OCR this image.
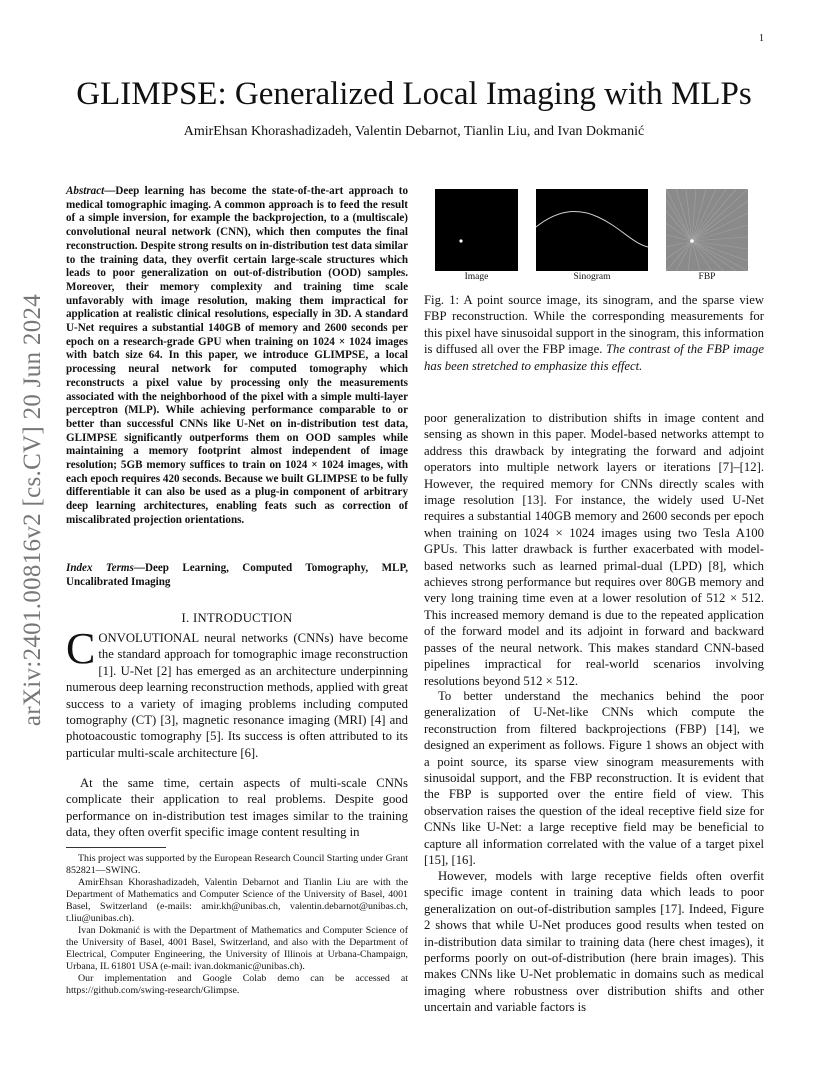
1
arXiv:2401.00816v2 [cs.CV] 20 Jun 2024
GLIMPSE: Generalized Local Imaging with MLPs
AmirEhsan Khorashadizadeh, Valentin Debarnot, Tianlin Liu, and Ivan Dokmanić
Abstract—Deep learning has become the state-of-the-art approach to medical tomographic imaging. A common approach is to feed the result of a simple inversion, for example the backprojection, to a (multiscale) convolutional neural network (CNN), which then computes the final reconstruction. Despite strong results on in-distribution test data similar to the training data, they overfit certain large-scale structures which leads to poor generalization on out-of-distribution (OOD) samples. Moreover, their memory complexity and training time scale unfavorably with image resolution, making them impractical for application at realistic clinical resolutions, especially in 3D. A standard U-Net requires a substantial 140GB of memory and 2600 seconds per epoch on a research-grade GPU when training on 1024 × 1024 images with batch size 64. In this paper, we introduce GLIMPSE, a local processing neural network for computed tomography which reconstructs a pixel value by processing only the measurements associated with the neighborhood of the pixel with a simple multi-layer perceptron (MLP). While achieving performance comparable to or better than successful CNNs like U-Net on in-distribution test data, GLIMPSE significantly outperforms them on OOD samples while maintaining a memory footprint almost independent of image resolution; 5GB memory suffices to train on 1024 × 1024 images, with each epoch requires 420 seconds. Because we built GLIMPSE to be fully differentiable it can also be used as a plug-in component of arbitrary deep learning architectures, enabling feats such as correction of miscalibrated projection orientations.
Index Terms—Deep Learning, Computed Tomography, MLP, Uncalibrated Imaging
I. INTRODUCTION
CONVOLUTIONAL neural networks (CNNs) have become the standard approach for tomographic image reconstruction [1]. U-Net [2] has emerged as an architecture underpinning numerous deep learning reconstruction methods, applied with great success to a variety of imaging problems including computed tomography (CT) [3], magnetic resonance imaging (MRI) [4] and photoacoustic tomography [5]. Its success is often attributed to its particular multi-scale architecture [6].
At the same time, certain aspects of multi-scale CNNs complicate their application to real problems. Despite good performance on in-distribution test images similar to the training data, they often overfit specific image content resulting in

This project was supported by the European Research Council Starting under Grant 852821—SWING.

AmirEhsan Khorashadizadeh, Valentin Debarnot and Tianlin Liu are with the Department of Mathematics and Computer Science of the University of Basel, 4001 Basel, Switzerland (e-mails: amir.kh@unibas.ch, valentin.debarnot@unibas.ch, t.liu@unibas.ch).

Ivan Dokmanić is with the Department of Mathematics and Computer Science of the University of Basel, 4001 Basel, Switzerland, and also with the Department of Electrical, Computer Engineering, the University of Illinois at Urbana-Champaign, Urbana, IL 61801 USA (e-mail: ivan.dokmanic@unibas.ch).

Our implementation and Google Colab demo can be accessed at https://github.com/swing-research/Glimpse.

Image	Sinogram	FBP
Fig. 1: A point source image, its sinogram, and the sparse view FBP reconstruction. While the corresponding measurements for this pixel have sinusoidal support in the sinogram, this information is diffused all over the FBP image. The contrast of the FBP image has been stretched to emphasize this effect.
poor generalization to distribution shifts in image content and sensing as shown in this paper. Model-based networks attempt to address this drawback by integrating the forward and adjoint operators into multiple network layers or iterations [7]–[12]. However, the required memory for CNNs directly scales with image resolution [13]. For instance, the widely used U-Net requires a substantial 140GB memory and 2600 seconds per epoch when training on 1024 × 1024 images using two Tesla A100 GPUs. This latter drawback is further exacerbated with model-based networks such as learned primal-dual (LPD) [8], which achieves strong performance but requires over 80GB memory and very long training time even at a lower resolution of 512 × 512. This increased memory demand is due to the repeated application of the forward model and its adjoint in forward and backward passes of the neural network. This makes standard CNN-based pipelines impractical for real-world scenarios involving resolutions beyond 512 × 512.
To better understand the mechanics behind the poor generalization of U-Net-like CNNs which compute the reconstruction from filtered backprojections (FBP) [14], we designed an experiment as follows. Figure 1 shows an object with a point source, its sparse view sinogram measurements with sinusoidal support, and the FBP reconstruction. It is evident that the FBP is supported over the entire field of view. This observation raises the question of the ideal receptive field size for CNNs like U-Net: a large receptive field may be beneficial to capture all information correlated with the value of a target pixel [15], [16].
However, models with large receptive fields often overfit specific image content in training data which leads to poor generalization on out-of-distribution samples [17]. Indeed, Figure 2 shows that while U-Net produces good results when tested on in-distribution data similar to training data (here chest images), it performs poorly on out-of-distribution (here brain images). This makes CNNs like U-Net problematic in domains such as medical imaging where robustness over distribution shifts and other uncertain and variable factors is
